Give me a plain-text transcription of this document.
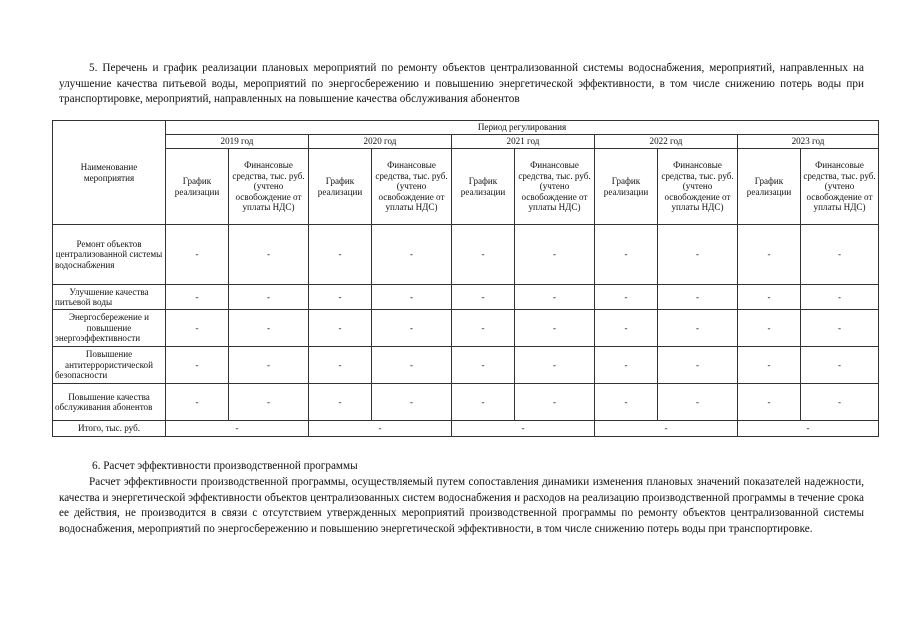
5. Перечень и график реализации плановых мероприятий по ремонту объектов централизованной системы водоснабжения, мероприятий, направленных на улучшение качества питьевой воды, мероприятий по энергосбережению и повышению энергетической эффективности, в том числе снижению потерь воды при транспортировке, мероприятий, направленных на повышение качества обслуживания абонентов
Наименование мероприятия	Период регулирования									
	2019 год		2020 год		2021 год		2022 год		2023 год	
	График реализации	Финансовые средства, тыс. руб. (учтено освобождение от уплаты НДС)	График реализации	Финансовые средства, тыс. руб. (учтено освобождение от уплаты НДС)	График реализации	Финансовые средства, тыс. руб. (учтено освобождение от уплаты НДС)	График реализации	Финансовые средства, тыс. руб. (учтено освобождение от уплаты НДС)	График реализации	Финансовые средства, тыс. руб. (учтено освобождение от уплаты НДС)
Ремонт объектов централизованной системы водоснабжения	-	-	-	-	-	-	-	-	-	-
Улучшение качества питьевой воды	-	-	-	-	-	-	-	-	-	-
Энергосбережение и повышение энергоэффективности	-	-	-	-	-	-	-	-	-	-
Повышение антитеррористической безопасности	-	-	-	-	-	-	-	-	-	-
Повышение качества обслуживания абонентов	-	-	-	-	-	-	-	-	-	-
Итого, тыс. руб.	-		-		-		-		-	
6. Расчет эффективности производственной программы
Расчет эффективности производственной программы, осуществляемый путем сопоставления динамики изменения плановых значений показателей надежности, качества и энергетической эффективности объектов централизованных систем водоснабжения и расходов на реализацию производственной программы в течение срока ее действия, не производится в связи с отсутствием утвержденных мероприятий производственной программы по ремонту объектов централизованной системы водоснабжения, мероприятий по энергосбережению и повышению энергетической эффективности, в том числе снижению потерь воды при транспортировке.
